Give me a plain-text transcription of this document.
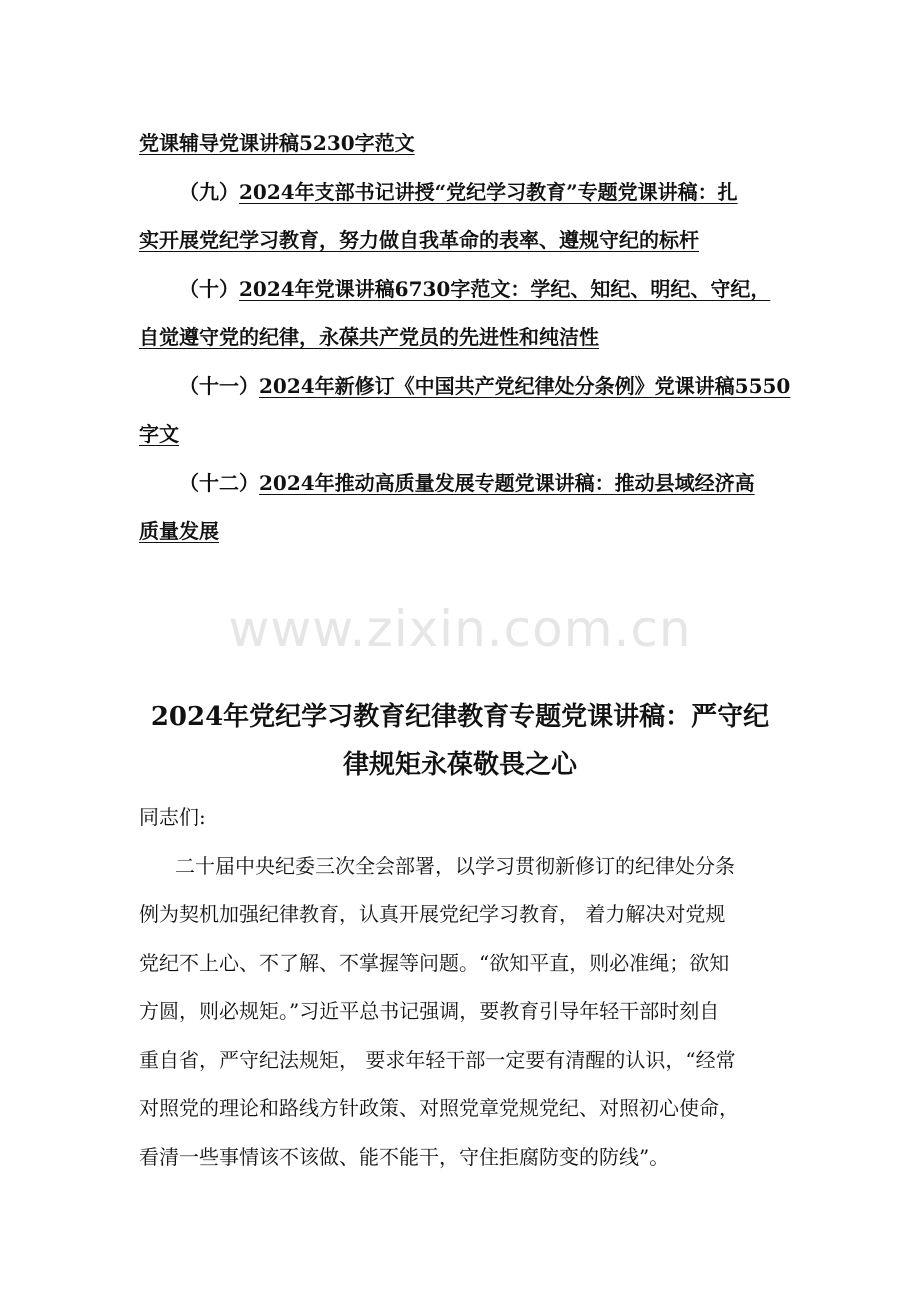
党课辅导党课讲稿5230字范文

（九）2024年支部书记讲授“党纪学习教育”专题党课讲稿：扎

实开展党纪学习教育，努力做自我革命的表率、遵规守纪的标杆

（十）2024年党课讲稿6730字范文：学纪、知纪、明纪、守纪，

自觉遵守党的纪律，永葆共产党员的先进性和纯洁性

（十一）2024年新修订《中国共产党纪律处分条例》党课讲稿5550

字文

（十二）2024年推动高质量发展专题党课讲稿：推动县域经济高

质量发展

www.zixin.com.cn
2024年党纪学习教育纪律教育专题党课讲稿：严守纪
律规矩永葆敬畏之心

同志们:

二十届中央纪委三次全会部署，以学习贯彻新修订的纪律处分条

例为契机加强纪律教育，认真开展党纪学习教育， 着力解决对党规

党纪不上心、不了解、不掌握等问题。“欲知平直，则必准绳；欲知

方圆，则必规矩。”习近平总书记强调，要教育引导年轻干部时刻自

重自省，严守纪法规矩， 要求年轻干部一定要有清醒的认识，“经常

对照党的理论和路线方针政策、对照党章党规党纪、对照初心使命，

看清一些事情该不该做、能不能干，守住拒腐防变的防线”。
